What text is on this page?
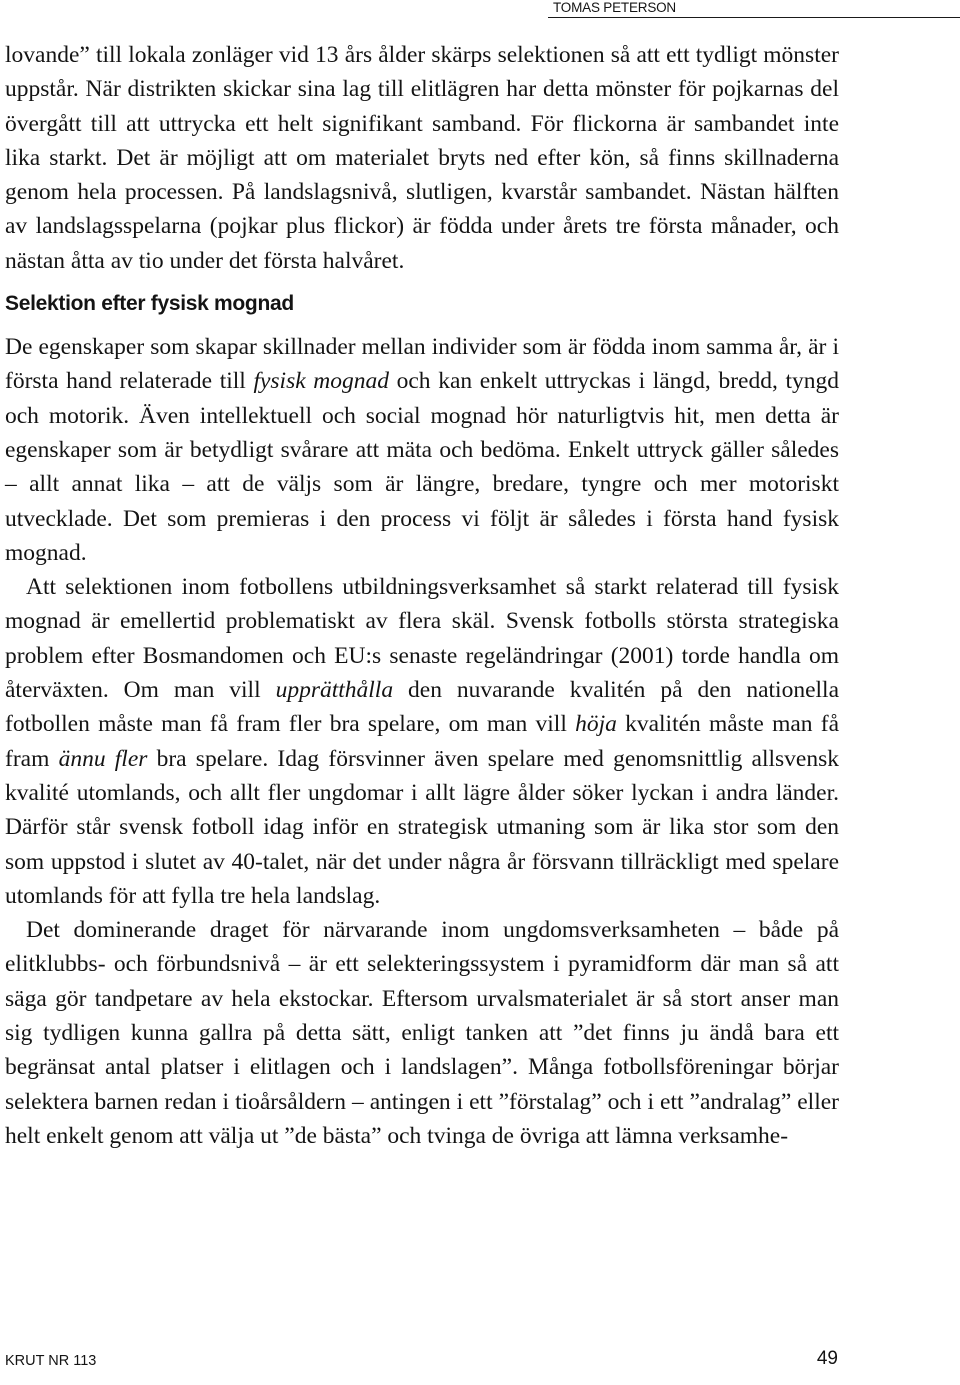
TOMAS PETERSON

lovande” till lokala zonläger vid 13 års ålder skärps selektionen så att ett tydligt mönster uppstår. När distrikten skickar sina lag till elitlägren har detta mönster för pojkarnas del övergått till att uttrycka ett helt signifikant samband. För flickorna är sambandet inte lika starkt. Det är möjligt att om materialet bryts ned efter kön, så finns skillnaderna genom hela processen. På landslagsnivå, slutligen, kvarstår sambandet. Nästan hälften av landslagsspelarna (pojkar plus flickor) är födda under årets tre första månader, och nästan åtta av tio under det första halvåret.

Selektion efter fysisk mognad

De egenskaper som skapar skillnader mellan individer som är födda inom samma år, är i första hand relaterade till fysisk mognad och kan enkelt uttryckas i längd, bredd, tyngd och motorik. Även intellektuell och social mognad hör naturligtvis hit, men detta är egenskaper som är betydligt svårare att mäta och bedöma. Enkelt uttryck gäller således – allt annat lika – att de väljs som är längre, bredare, tyngre och mer motoriskt utvecklade. Det som premieras i den process vi följt är således i första hand fysisk mognad.

Att selektionen inom fotbollens utbildningsverksamhet så starkt relaterad till fysisk mognad är emellertid problematiskt av flera skäl. Svensk fotbolls största strategiska problem efter Bosmandomen och EU:s senaste regeländringar (2001) torde handla om återväxten. Om man vill upprätthålla den nuvarande kvalitén på den nationella fotbollen måste man få fram fler bra spelare, om man vill höja kvalitén måste man få fram ännu fler bra spelare. Idag försvinner även spelare med genomsnittlig allsvensk kvalité utomlands, och allt fler ungdomar i allt lägre ålder söker lyckan i andra länder. Därför står svensk fotboll idag inför en strategisk utmaning som är lika stor som den som uppstod i slutet av 40-talet, när det under några år försvann tillräckligt med spelare utomlands för att fylla tre hela landslag.

Det dominerande draget för närvarande inom ungdomsverksamheten – både på elitklubbs- och förbundsnivå – är ett selekteringssystem i pyramidform där man så att säga gör tandpetare av hela ekstockar. Eftersom urvalsmaterialet är så stort anser man sig tydligen kunna gallra på detta sätt, enligt tanken att ”det finns ju ändå bara ett begränsat antal platser i elitlagen och i landslagen”. Många fotbollsföreningar börjar selektera barnen redan i tioårsåldern – antingen i ett ”förstalag” och i ett ”andralag” eller helt enkelt genom att välja ut ”de bästa” och tvinga de övriga att lämna verksamhe-

KRUT NR 113	49
